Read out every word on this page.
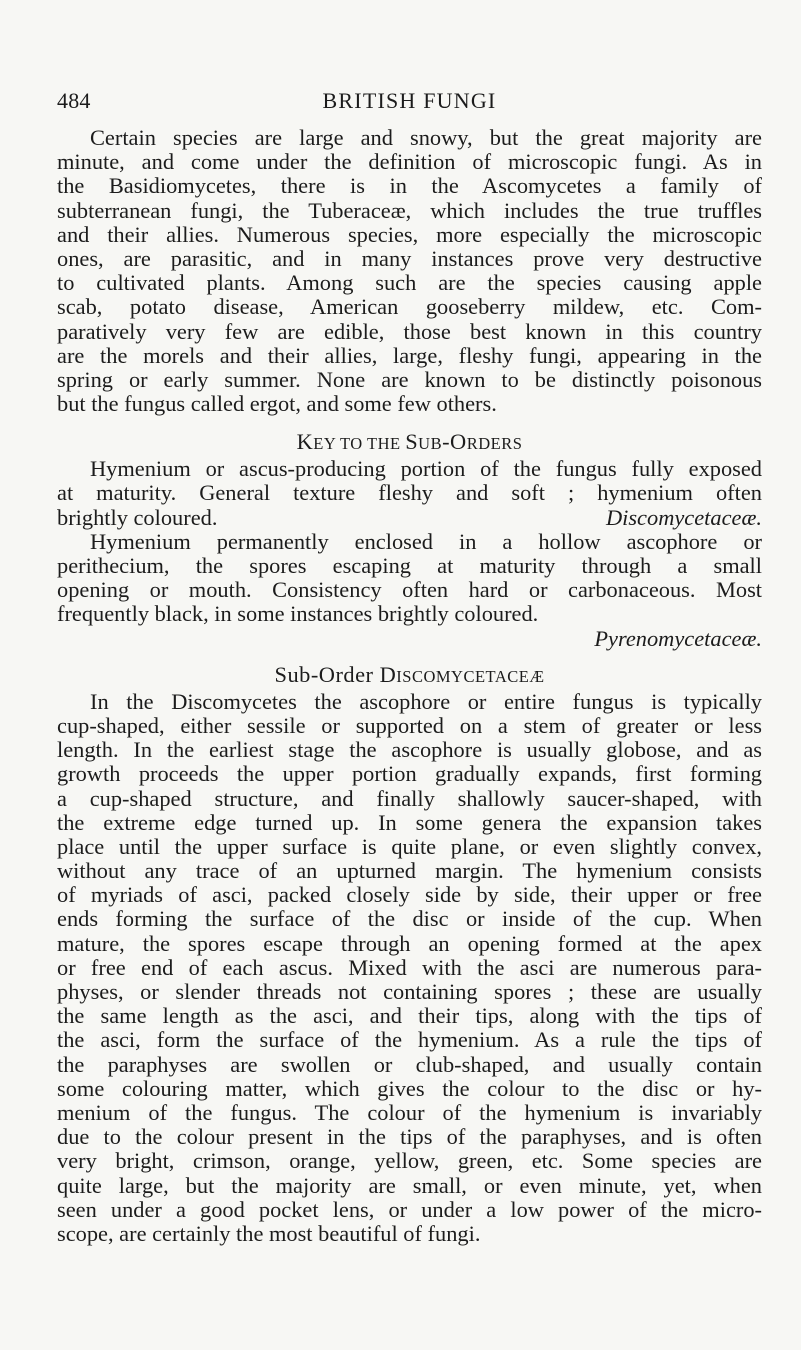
484	BRITISH FUNGI
Certain species are large and snowy, but the great majority are
minute, and come under the definition of microscopic fungi. As in
the Basidiomycetes, there is in the Ascomycetes a family of
subterranean fungi, the Tuberaceæ, which includes the true truffles
and their allies. Numerous species, more especially the microscopic
ones, are parasitic, and in many instances prove very destructive
to cultivated plants. Among such are the species causing apple
scab, potato disease, American gooseberry mildew, etc. Com-
paratively very few are edible, those best known in this country
are the morels and their allies, large, fleshy fungi, appearing in the
spring or early summer. None are known to be distinctly poisonous
but the fungus called ergot, and some few others.
KEY TO THE SUB-ORDERS
Hymenium or ascus-producing portion of the fungus fully exposed
at maturity. General texture fleshy and soft ; hymenium often
brightly coloured.	Discomycetaceæ.
Hymenium permanently enclosed in a hollow ascophore or
perithecium, the spores escaping at maturity through a small
opening or mouth. Consistency often hard or carbonaceous. Most
frequently black, in some instances brightly coloured.
Pyrenomycetaceæ.
Sub-Order DISCOMYCETACEÆ
In the Discomycetes the ascophore or entire fungus is typically
cup-shaped, either sessile or supported on a stem of greater or less
length. In the earliest stage the ascophore is usually globose, and as
growth proceeds the upper portion gradually expands, first forming
a cup-shaped structure, and finally shallowly saucer-shaped, with
the extreme edge turned up. In some genera the expansion takes
place until the upper surface is quite plane, or even slightly convex,
without any trace of an upturned margin. The hymenium consists
of myriads of asci, packed closely side by side, their upper or free
ends forming the surface of the disc or inside of the cup. When
mature, the spores escape through an opening formed at the apex
or free end of each ascus. Mixed with the asci are numerous para-
physes, or slender threads not containing spores ; these are usually
the same length as the asci, and their tips, along with the tips of
the asci, form the surface of the hymenium. As a rule the tips of
the paraphyses are swollen or club-shaped, and usually contain
some colouring matter, which gives the colour to the disc or hy-
menium of the fungus. The colour of the hymenium is invariably
due to the colour present in the tips of the paraphyses, and is often
very bright, crimson, orange, yellow, green, etc. Some species are
quite large, but the majority are small, or even minute, yet, when
seen under a good pocket lens, or under a low power of the micro-
scope, are certainly the most beautiful of fungi.
